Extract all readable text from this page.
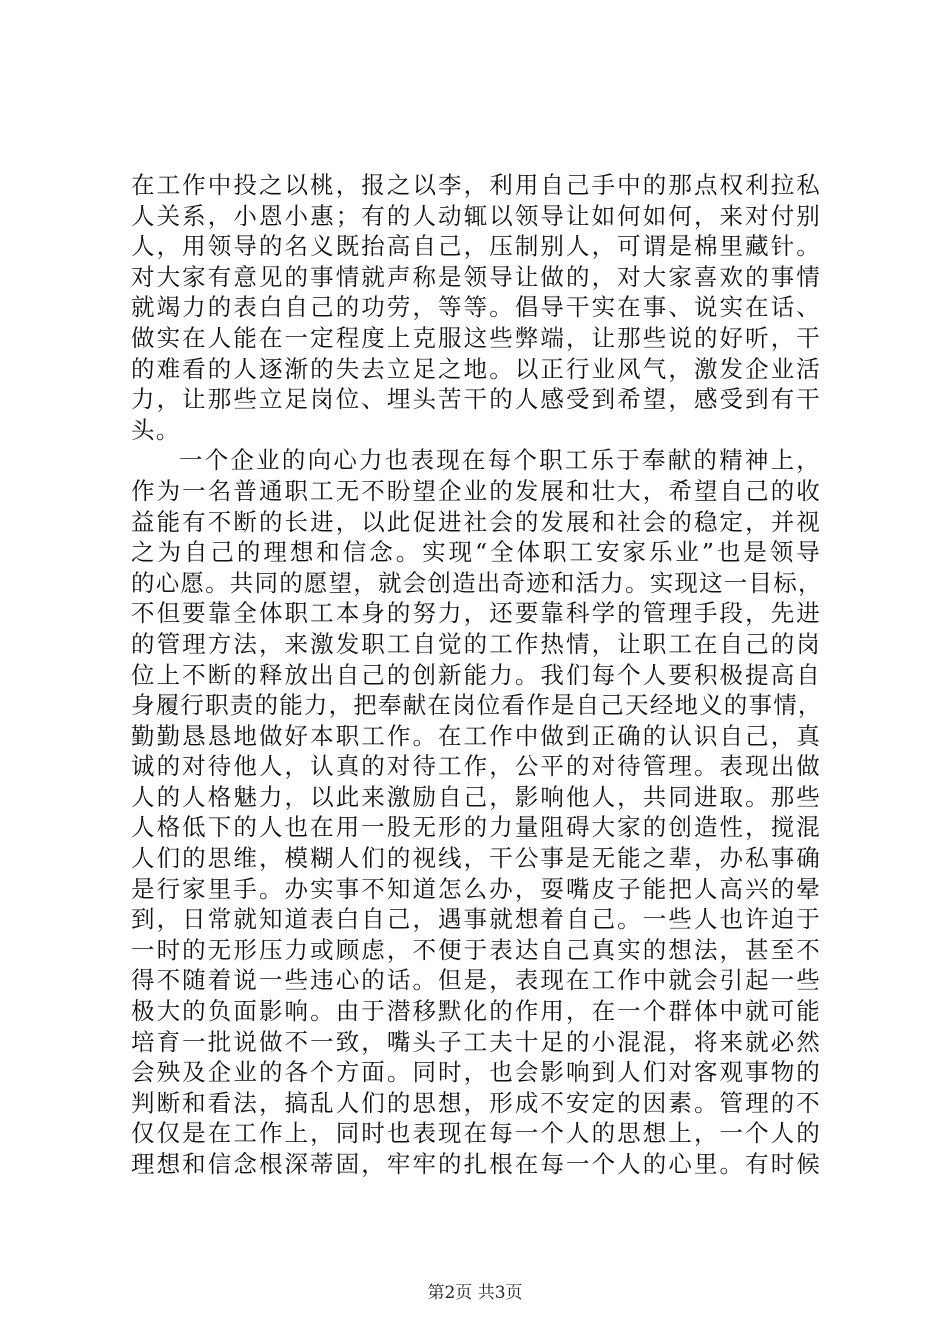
在工作中投之以桃，报之以李，利用自己手中的那点权利拉私
人关系，小恩小惠；有的人动辄以领导让如何如何，来对付别
人，用领导的名义既抬高自己，压制别人，可谓是棉里藏针。
对大家有意见的事情就声称是领导让做的，对大家喜欢的事情
就竭力的表白自己的功劳，等等。倡导干实在事、说实在话、
做实在人能在一定程度上克服这些弊端，让那些说的好听，干
的难看的人逐渐的失去立足之地。以正行业风气，激发企业活
力，让那些立足岗位、埋头苦干的人感受到希望，感受到有干
头。
一个企业的向心力也表现在每个职工乐于奉献的精神上，
作为一名普通职工无不盼望企业的发展和壮大，希望自己的收
益能有不断的长进，以此促进社会的发展和社会的稳定，并视
之为自己的理想和信念。实现“全体职工安家乐业”也是领导
的心愿。共同的愿望，就会创造出奇迹和活力。实现这一目标，
不但要靠全体职工本身的努力，还要靠科学的管理手段，先进
的管理方法，来激发职工自觉的工作热情，让职工在自己的岗
位上不断的释放出自己的创新能力。我们每个人要积极提高自
身履行职责的能力，把奉献在岗位看作是自己天经地义的事情，
勤勤恳恳地做好本职工作。在工作中做到正确的认识自己，真
诚的对待他人，认真的对待工作，公平的对待管理。表现出做
人的人格魅力，以此来激励自己，影响他人，共同进取。那些
人格低下的人也在用一股无形的力量阻碍大家的创造性，搅混
人们的思维，模糊人们的视线，干公事是无能之辈，办私事确
是行家里手。办实事不知道怎么办，耍嘴皮子能把人高兴的晕
到，日常就知道表白自己，遇事就想着自己。一些人也许迫于
一时的无形压力或顾虑，不便于表达自己真实的想法，甚至不
得不随着说一些违心的话。但是，表现在工作中就会引起一些
极大的负面影响。由于潜移默化的作用，在一个群体中就可能
培育一批说做不一致，嘴头子工夫十足的小混混，将来就必然
会殃及企业的各个方面。同时，也会影响到人们对客观事物的
判断和看法，搞乱人们的思想，形成不安定的因素。管理的不
仅仅是在工作上，同时也表现在每一个人的思想上，一个人的
理想和信念根深蒂固，牢牢的扎根在每一个人的心里。有时候
第2页 共3页
